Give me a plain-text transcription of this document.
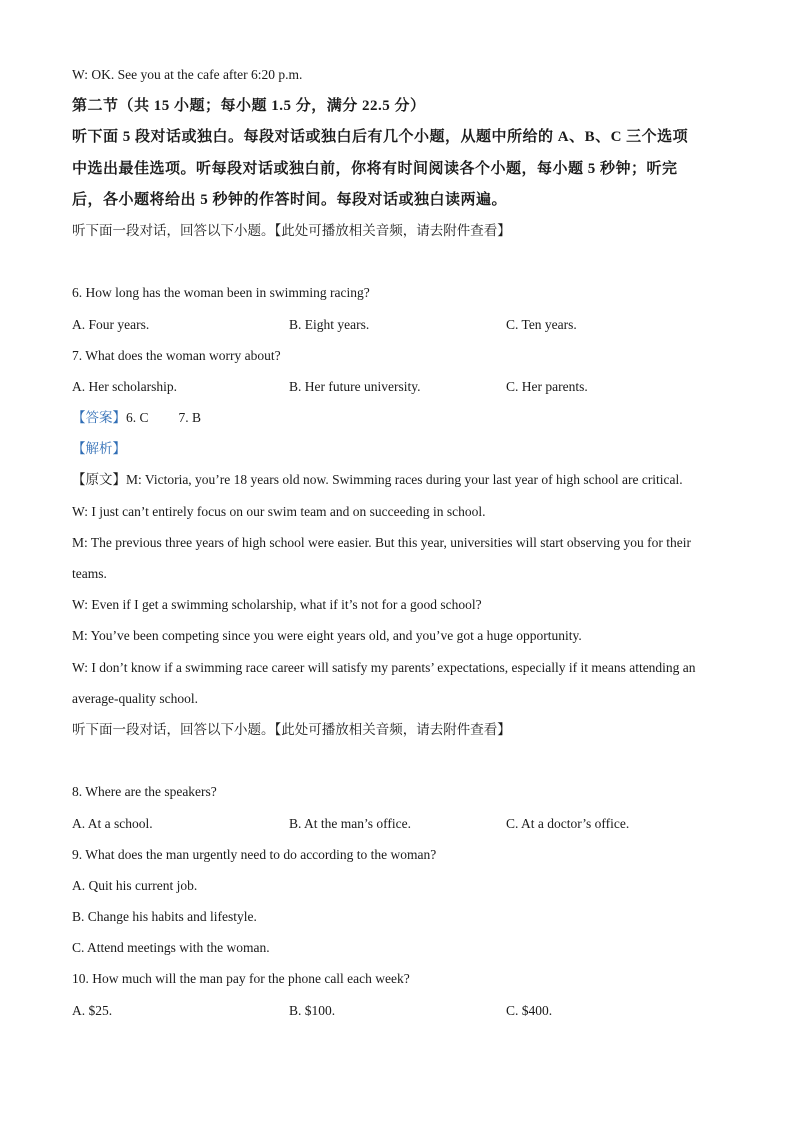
W: OK. See you at the cafe after 6:20 p.m.
第二节（共 15 小题；每小题 1.5 分，满分 22.5 分）
听下面 5 段对话或独白。每段对话或独白后有几个小题，从题中所给的 A、B、C 三个选项
中选出最佳选项。听每段对话或独白前，你将有时间阅读各个小题，每小题 5 秒钟；听完
后，各小题将给出 5 秒钟的作答时间。每段对话或独白读两遍。
听下面一段对话，回答以下小题。【此处可播放相关音频，请去附件查看】
6. How long has the woman been in swimming racing?
A. Four years.	B. Eight years.	C. Ten years.
7. What does the woman worry about?
A. Her scholarship.	B. Her future university.	C. Her parents.
【答案】6. C 7. B
【解析】
【原文】M: Victoria, you’re 18 years old now. Swimming races during your last year of high school are critical.
W: I just can’t entirely focus on our swim team and on succeeding in school.
M: The previous three years of high school were easier. But this year, universities will start observing you for their
teams.
W: Even if I get a swimming scholarship, what if it’s not for a good school?
M: You’ve been competing since you were eight years old, and you’ve got a huge opportunity.
W: I don’t know if a swimming race career will satisfy my parents’ expectations, especially if it means attending an
average-quality school.
听下面一段对话，回答以下小题。【此处可播放相关音频，请去附件查看】
8. Where are the speakers?
A. At a school.	B. At the man’s office.	C. At a doctor’s office.
9. What does the man urgently need to do according to the woman?
A. Quit his current job.
B. Change his habits and lifestyle.
C. Attend meetings with the woman.
10. How much will the man pay for the phone call each week?
A. $25.	B. $100.	C. $400.
